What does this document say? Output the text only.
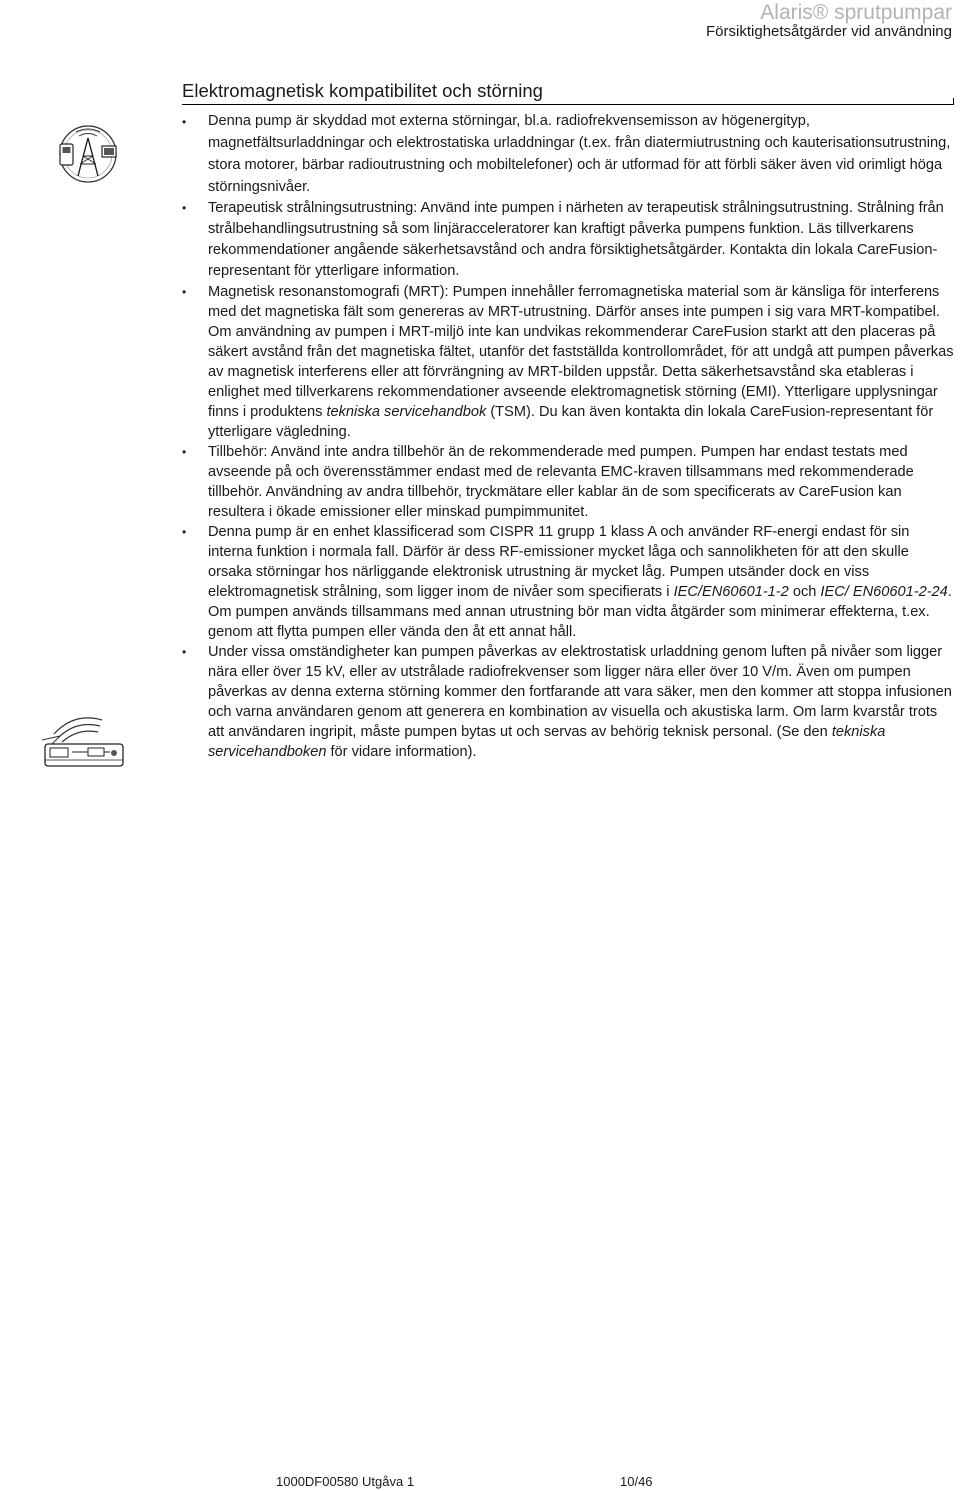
Alaris® sprutpumpar
Försiktighetsåtgärder vid användning
Elektromagnetisk kompatibilitet och störning
• Denna pump är skyddad mot externa störningar, bl.a. radiofrekvensemisson av högenergityp, magnetfältsurladdningar och elektrostatiska urladdningar (t.ex. från diatermiutrustning och kauterisationsutrustning, stora motorer, bärbar radioutrustning och mobiltelefoner) och är utformad för att förbli säker även vid orimligt höga störningsnivåer.
• Terapeutisk strålningsutrustning: Använd inte pumpen i närheten av terapeutisk strålningsutrustning. Strålning från strålbehandlingsutrustning så som linjäracceleratorer kan kraftigt påverka pumpens funktion. Läs tillverkarens rekommendationer angående säkerhetsavstånd och andra försiktighetsåtgärder. Kontakta din lokala CareFusion-representant för ytterligare information.
• Magnetisk resonanstomografi (MRT): Pumpen innehåller ferromagnetiska material som är känsliga för interferens med det magnetiska fält som genereras av MRT-utrustning. Därför anses inte pumpen i sig vara MRT-kompatibel. Om användning av pumpen i MRT-miljö inte kan undvikas rekommenderar CareFusion starkt att den placeras på säkert avstånd från det magnetiska fältet, utanför det fastställda kontrollområdet, för att undgå att pumpen påverkas av magnetisk interferens eller att förvrängning av MRT-bilden uppstår. Detta säkerhetsavstånd ska etableras i enlighet med tillverkarens rekommendationer avseende elektromagnetisk störning (EMI). Ytterligare upplysningar finns i produktens tekniska servicehandbok (TSM). Du kan även kontakta din lokala CareFusion-representant för ytterligare vägledning.
• Tillbehör: Använd inte andra tillbehör än de rekommenderade med pumpen. Pumpen har endast testats med avseende på och överensstämmer endast med de relevanta EMC-kraven tillsammans med rekommenderade tillbehör. Användning av andra tillbehör, tryckmätare eller kablar än de som specificerats av CareFusion kan resultera i ökade emissioner eller minskad pumpimmunitet.
• Denna pump är en enhet klassificerad som CISPR 11 grupp 1 klass A och använder RF-energi endast för sin interna funktion i normala fall. Därför är dess RF-emissioner mycket låga och sannolikheten för att den skulle orsaka störningar hos närliggande elektronisk utrustning är mycket låg. Pumpen utsänder dock en viss elektromagnetisk strålning, som ligger inom de nivåer som specifierats i IEC/EN60601-1-2 och IEC/ EN60601-2-24. Om pumpen används tillsammans med annan utrustning bör man vidta åtgärder som minimerar effekterna, t.ex. genom att flytta pumpen eller vända den åt ett annat håll.
• Under vissa omständigheter kan pumpen påverkas av elektrostatisk urladdning genom luften på nivåer som ligger nära eller över 15 kV, eller av utstrålade radiofrekvenser som ligger nära eller över 10 V/m. Även om pumpen påverkas av denna externa störning kommer den fortfarande att vara säker, men den kommer att stoppa infusionen och varna användaren genom att generera en kombination av visuella och akustiska larm. Om larm kvarstår trots att användaren ingripit, måste pumpen bytas ut och servas av behörig teknisk personal. (Se den tekniska servicehandboken för vidare information).
1000DF00580 Utgåva 1	10/46
